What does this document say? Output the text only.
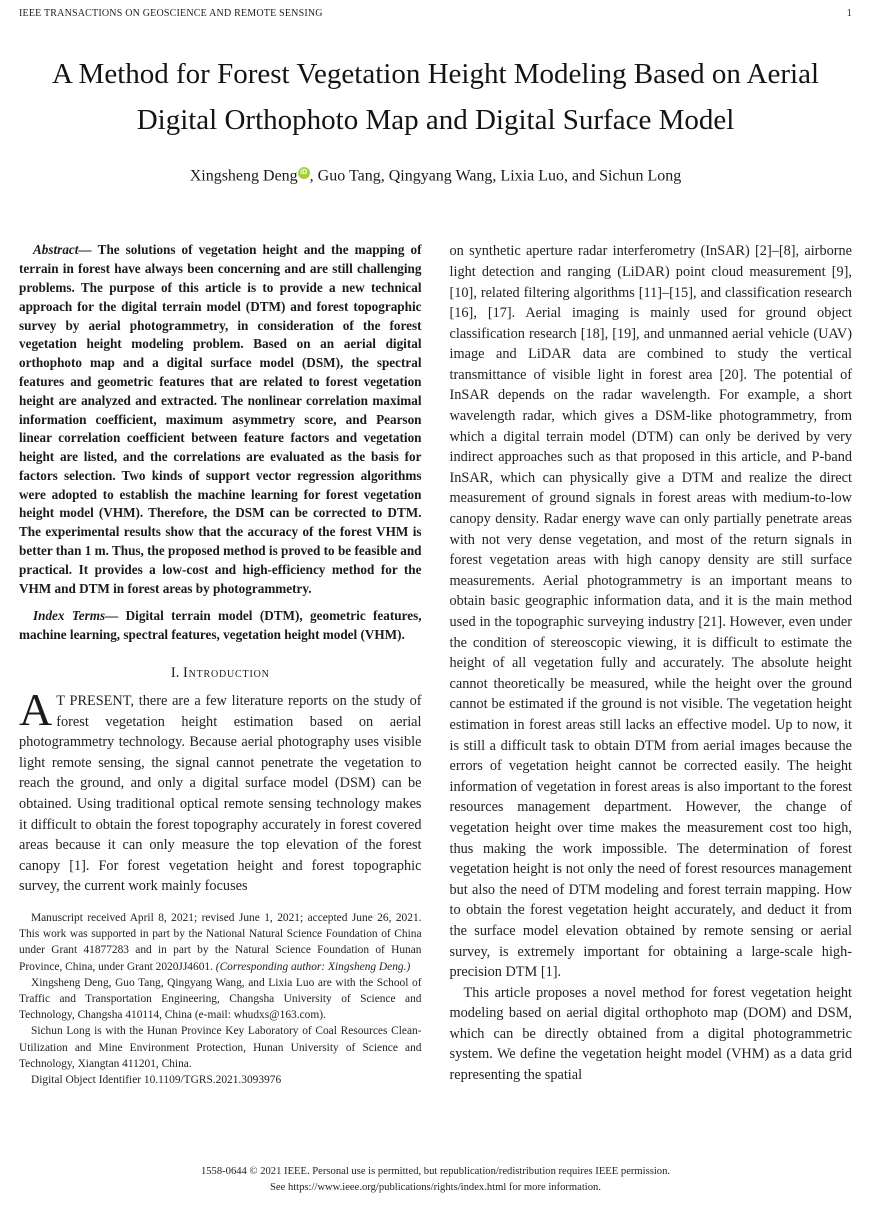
IEEE TRANSACTIONS ON GEOSCIENCE AND REMOTE SENSING	1
A Method for Forest Vegetation Height Modeling Based on Aerial Digital Orthophoto Map and Digital Surface Model
Xingsheng Deng iD , Guo Tang, Qingyang Wang, Lixia Luo, and Sichun Long

Abstract— The solutions of vegetation height and the mapping of terrain in forest have always been concerning and are still challenging problems. The purpose of this article is to provide a new technical approach for the digital terrain model (DTM) and forest topographic survey by aerial photogrammetry, in consideration of the forest vegetation height modeling problem. Based on an aerial digital orthophoto map and a digital surface model (DSM), the spectral features and geometric features that are related to forest vegetation height are analyzed and extracted. The nonlinear correlation maximal information coefficient, maximum asymmetry score, and Pearson linear correlation coefficient between feature factors and vegetation height are listed, and the correlations are evaluated as the basis for factors selection. Two kinds of support vector regression algorithms were adopted to establish the machine learning for forest vegetation height model (VHM). Therefore, the DSM can be corrected to DTM. The experimental results show that the accuracy of the forest VHM is better than 1 m. Thus, the proposed method is proved to be feasible and practical. It provides a low-cost and high-efficiency method for the VHM and DTM in forest areas by photogrammetry.

Index Terms— Digital terrain model (DTM), geometric features, machine learning, spectral features, vegetation height model (VHM).

I. Introduction

A T PRESENT, there are a few literature reports on the study of forest vegetation height estimation based on aerial photogrammetry technology. Because aerial photography uses visible light remote sensing, the signal cannot penetrate the vegetation to reach the ground, and only a digital surface model (DSM) can be obtained. Using traditional optical remote sensing technology makes it difficult to obtain the forest topography accurately in forest covered areas because it can only measure the top elevation of the forest canopy [1]. For forest vegetation height and forest topographic survey, the current work mainly focuses

Manuscript received April 8, 2021; revised June 1, 2021; accepted June 26, 2021. This work was supported in part by the National Natural Science Foundation of China under Grant 41877283 and in part by the Natural Science Foundation of Hunan Province, China, under Grant 2020JJ4601. (Corresponding author: Xingsheng Deng.)

Xingsheng Deng, Guo Tang, Qingyang Wang, and Lixia Luo are with the School of Traffic and Transportation Engineering, Changsha University of Science and Technology, Changsha 410114, China (e-mail: whudxs@163.com).

Sichun Long is with the Hunan Province Key Laboratory of Coal Resources Clean-Utilization and Mine Environment Protection, Hunan University of Science and Technology, Xiangtan 411201, China.

Digital Object Identifier 10.1109/TGRS.2021.3093976

on synthetic aperture radar interferometry (InSAR) [2]–[8], airborne light detection and ranging (LiDAR) point cloud measurement [9], [10], related filtering algorithms [11]–[15], and classification research [16], [17]. Aerial imaging is mainly used for ground object classification research [18], [19], and unmanned aerial vehicle (UAV) image and LiDAR data are combined to study the vertical transmittance of visible light in forest area [20]. The potential of InSAR depends on the radar wavelength. For example, a short wavelength radar, which gives a DSM-like photogrammetry, from which a digital terrain model (DTM) can only be derived by very indirect approaches such as that proposed in this article, and P-band InSAR, which can physically give a DTM and realize the direct measurement of ground signals in forest areas with medium-to-low canopy density. Radar energy wave can only partially penetrate areas with not very dense vegetation, and most of the return signals in forest vegetation areas with high canopy density are still surface measurements. Aerial photogrammetry is an important means to obtain basic geographic information data, and it is the main method used in the topographic surveying industry [21]. However, even under the condition of stereoscopic viewing, it is difficult to estimate the height of all vegetation fully and accurately. The absolute height cannot theoretically be measured, while the height over the ground cannot be estimated if the ground is not visible. The vegetation height estimation in forest areas still lacks an effective model. Up to now, it is still a difficult task to obtain DTM from aerial images because the errors of vegetation height cannot be corrected easily. The height information of vegetation in forest areas is also important to the forest resources management department. However, the change of vegetation height over time makes the measurement cost too high, thus making the work impossible. The determination of forest vegetation height is not only the need of forest resources management but also the need of DTM modeling and forest terrain mapping. How to obtain the forest vegetation height accurately, and deduct it from the surface model elevation obtained by remote sensing or aerial survey, is extremely important for obtaining a large-scale high-precision DTM [1].

This article proposes a novel method for forest vegetation height modeling based on aerial digital orthophoto map (DOM) and DSM, which can be directly obtained from a digital photogrammetric system. We define the vegetation height model (VHM) as a data grid representing the spatial

1558-0644 © 2021 IEEE. Personal use is permitted, but republication/redistribution requires IEEE permission.
See https://www.ieee.org/publications/rights/index.html for more information.
